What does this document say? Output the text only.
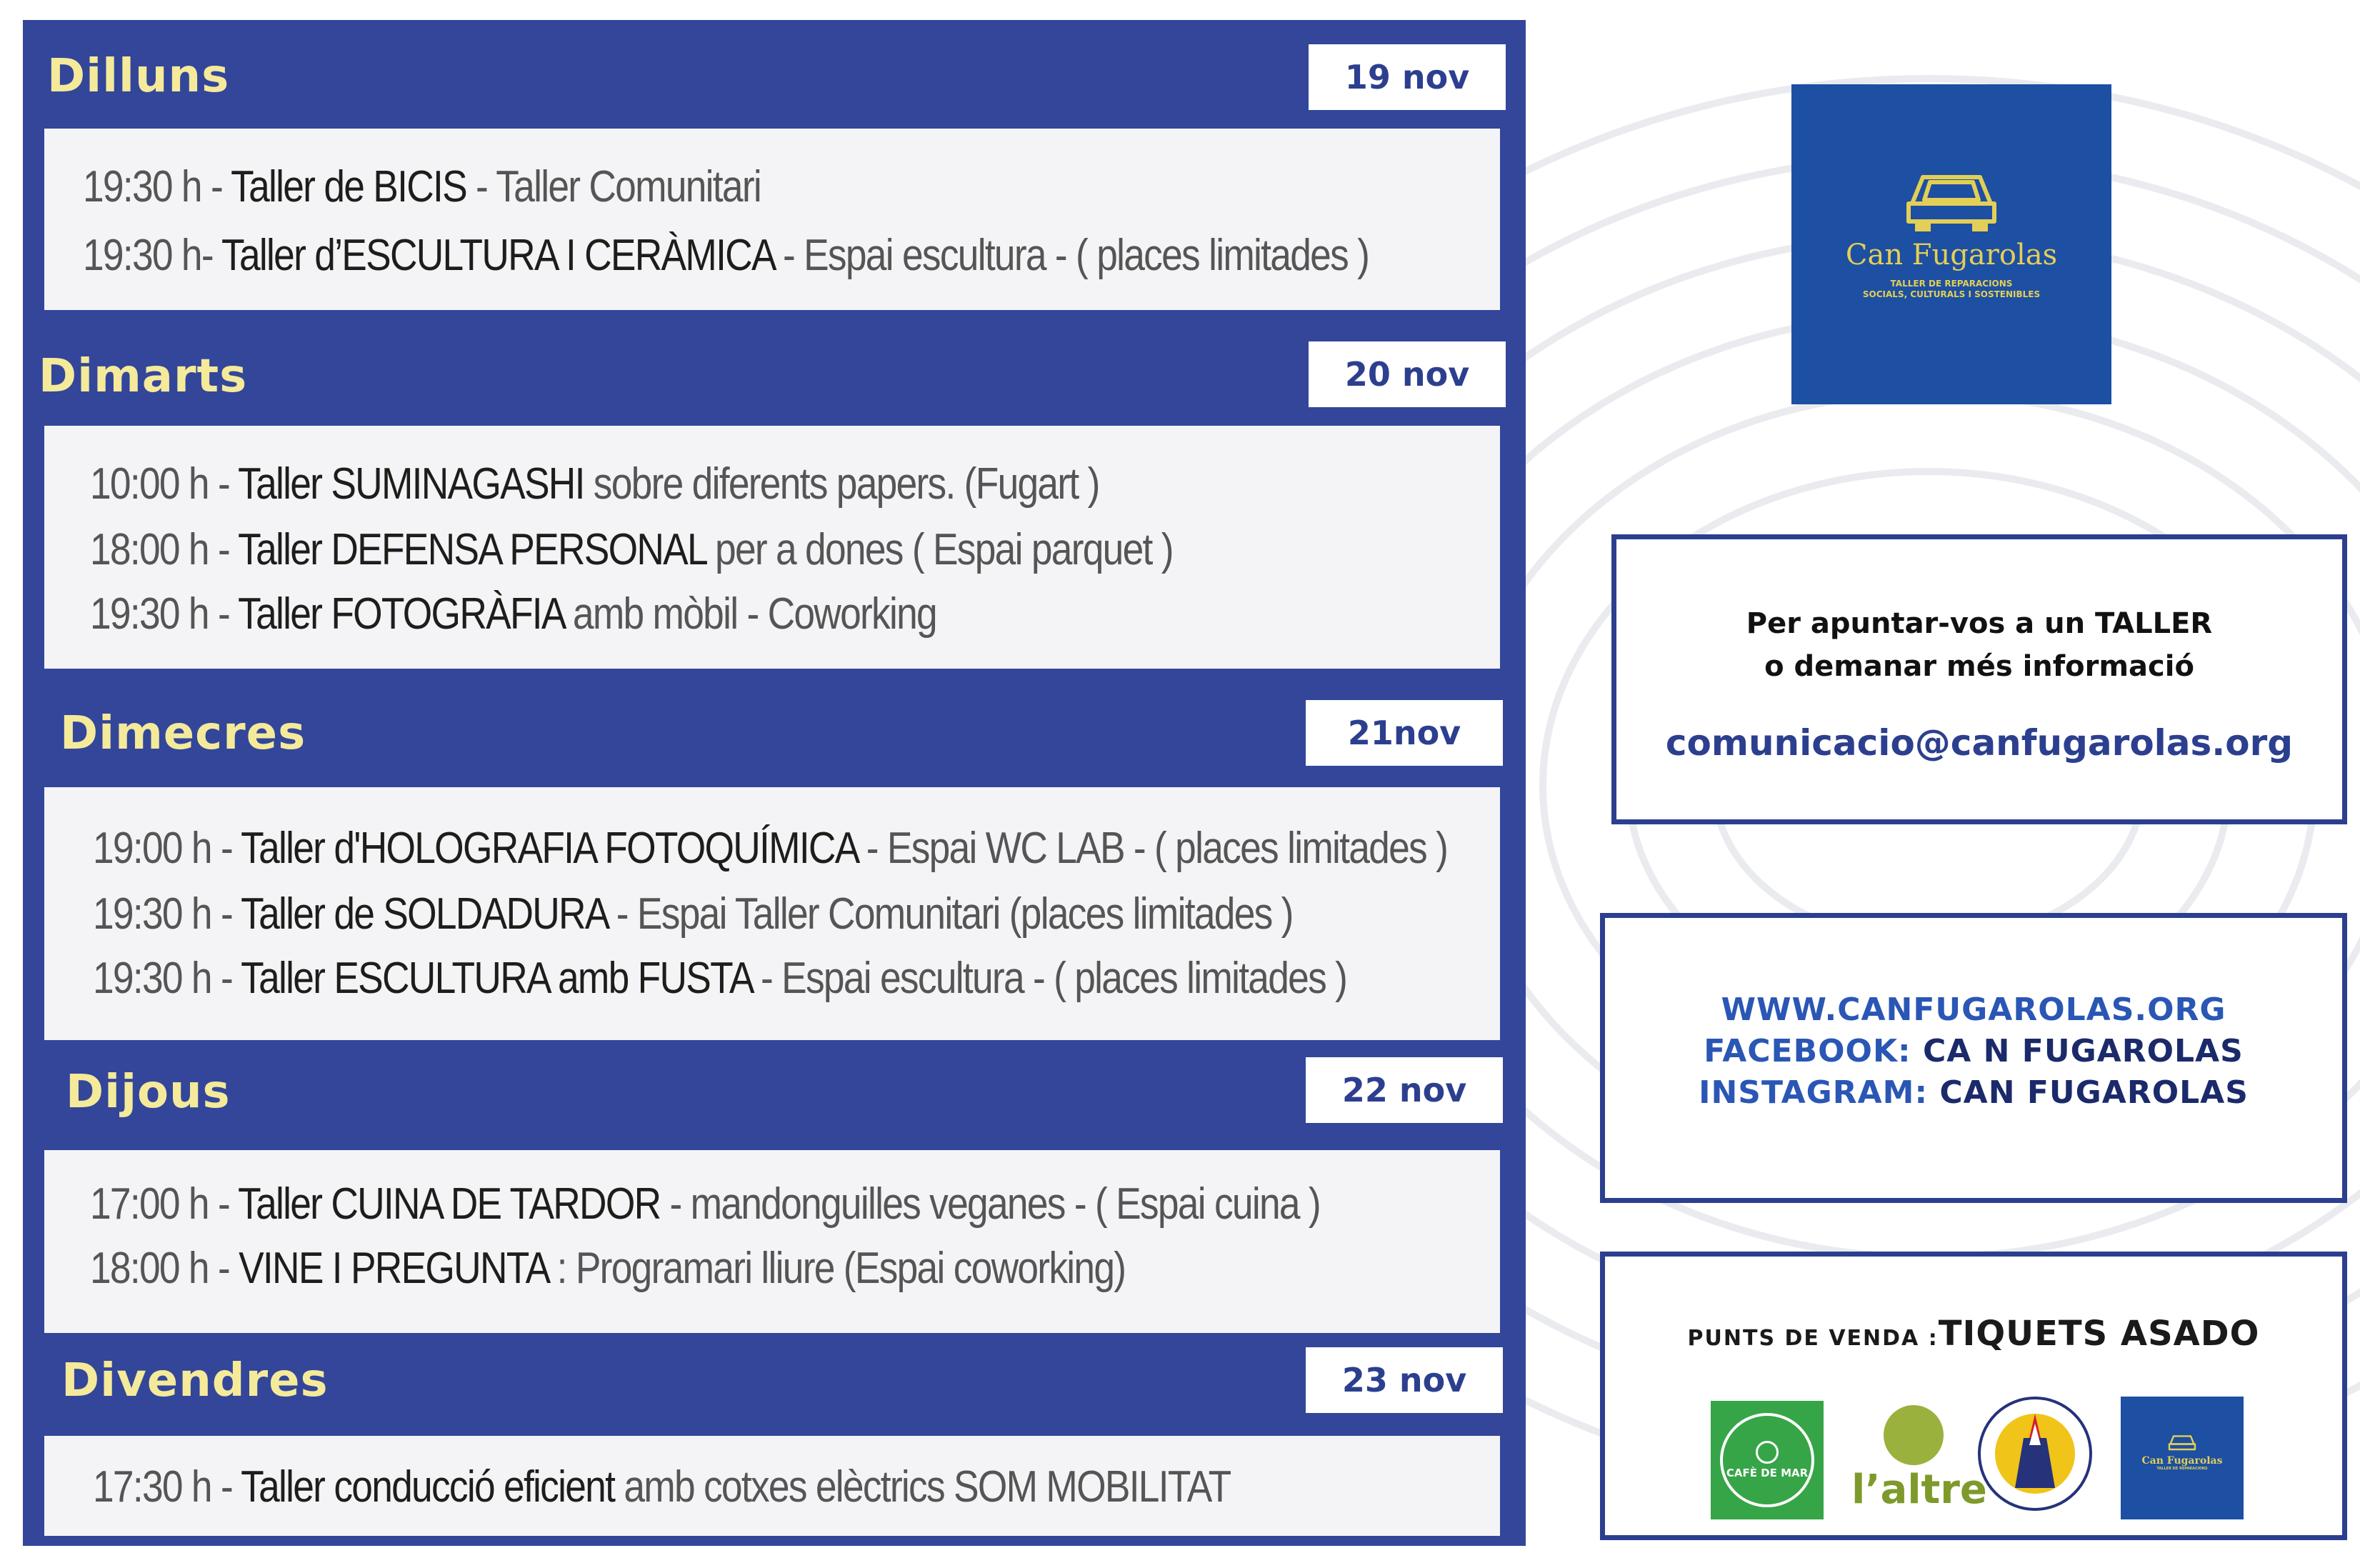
Dilluns	19 nov
19:30 h - Taller de BICIS - Taller Comunitari
19:30 h- Taller d’ESCULTURA I CERÀMICA - Espai escultura - ( places limitades )
Dimarts	20 nov
10:00 h - Taller SUMINAGASHI sobre diferents papers. (Fugart )
18:00 h - Taller DEFENSA PERSONAL per a dones ( Espai parquet )
19:30 h - Taller FOTOGRÀFIA amb mòbil - Coworking
Dimecres	21nov
19:00 h - Taller d'HOLOGRAFIA FOTOQUÍMICA - Espai WC LAB - ( places limitades )
19:30 h - Taller de SOLDADURA - Espai Taller Comunitari (places limitades )
19:30 h - Taller ESCULTURA amb FUSTA - Espai escultura - ( places limitades )
Dijous	22 nov
17:00 h - Taller CUINA DE TARDOR - mandonguilles veganes - ( Espai cuina )
18:00 h - VINE I PREGUNTA : Programari lliure (Espai coworking)
Divendres	23 nov
17:30 h - Taller conducció eficient amb cotxes elèctrics SOM MOBILITAT
Can Fugarolas
TALLER DE REPARACIONS
SOCIALS, CULTURALS I SOSTENIBLES
Per apuntar-vos a un TALLER
o demanar més informació
comunicacio@canfugarolas.org
WWW.CANFUGAROLAS.ORG
FACEBOOK: CA N FUGAROLAS
INSTAGRAM: CAN FUGAROLAS
PUNTS DE VENDA :TIQUETS ASADO
CAFÈ DE MAR l’altre
Can Fugarolas
TALLER DE REPARACIONS
